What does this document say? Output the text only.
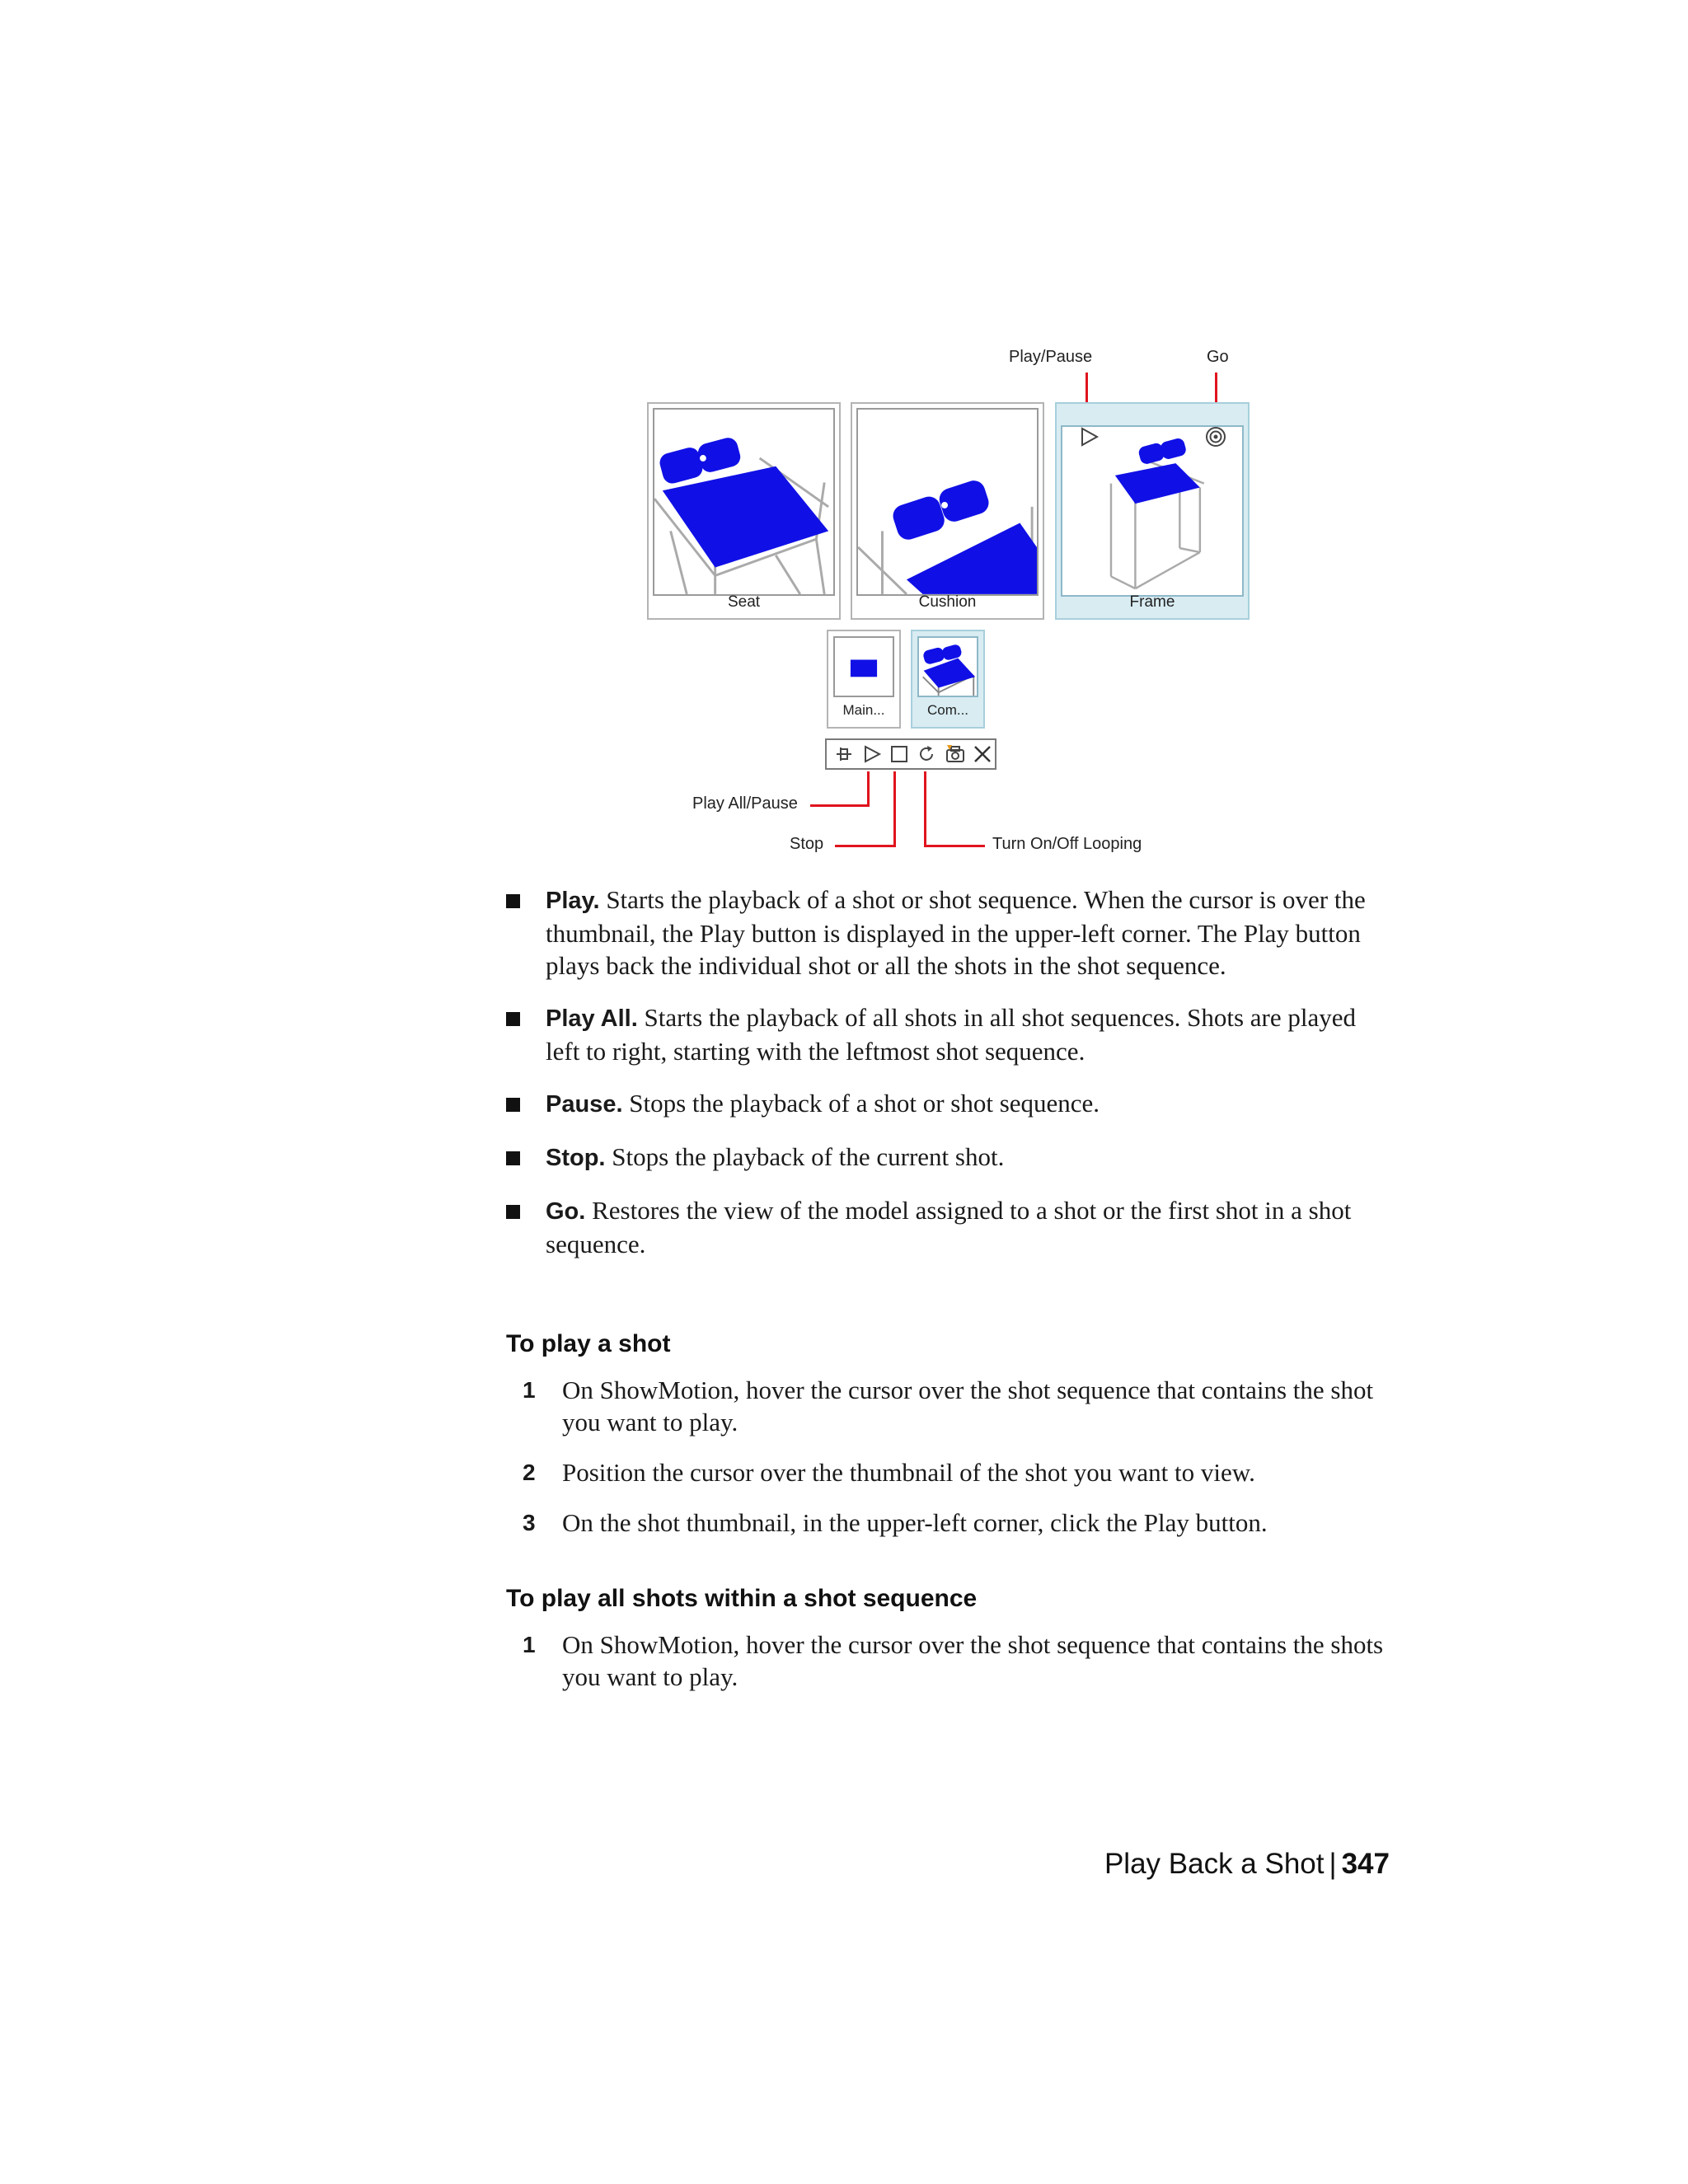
Play/Pause	Go
Seat	Cushion	Frame
Main...	Com...
Play All/Pause
Stop	Turn On/Off Looping
Play. Starts the playback of a shot or shot sequence. When the cursor is over the thumbnail, the Play button is displayed in the upper-left corner. The Play button plays back the individual shot or all the shots in the shot sequence.
Play All. Starts the playback of all shots in all shot sequences. Shots are played left to right, starting with the leftmost shot sequence.
Pause. Stops the playback of a shot or shot sequence.
Stop. Stops the playback of the current shot.
Go. Restores the view of the model assigned to a shot or the first shot in a shot sequence.
To play a shot
1 On ShowMotion, hover the cursor over the shot sequence that contains the shot you want to play.
2 Position the cursor over the thumbnail of the shot you want to view.
3 On the shot thumbnail, in the upper-left corner, click the Play button.
To play all shots within a shot sequence
1 On ShowMotion, hover the cursor over the shot sequence that contains the shots you want to play.
Play Back a Shot | 347
